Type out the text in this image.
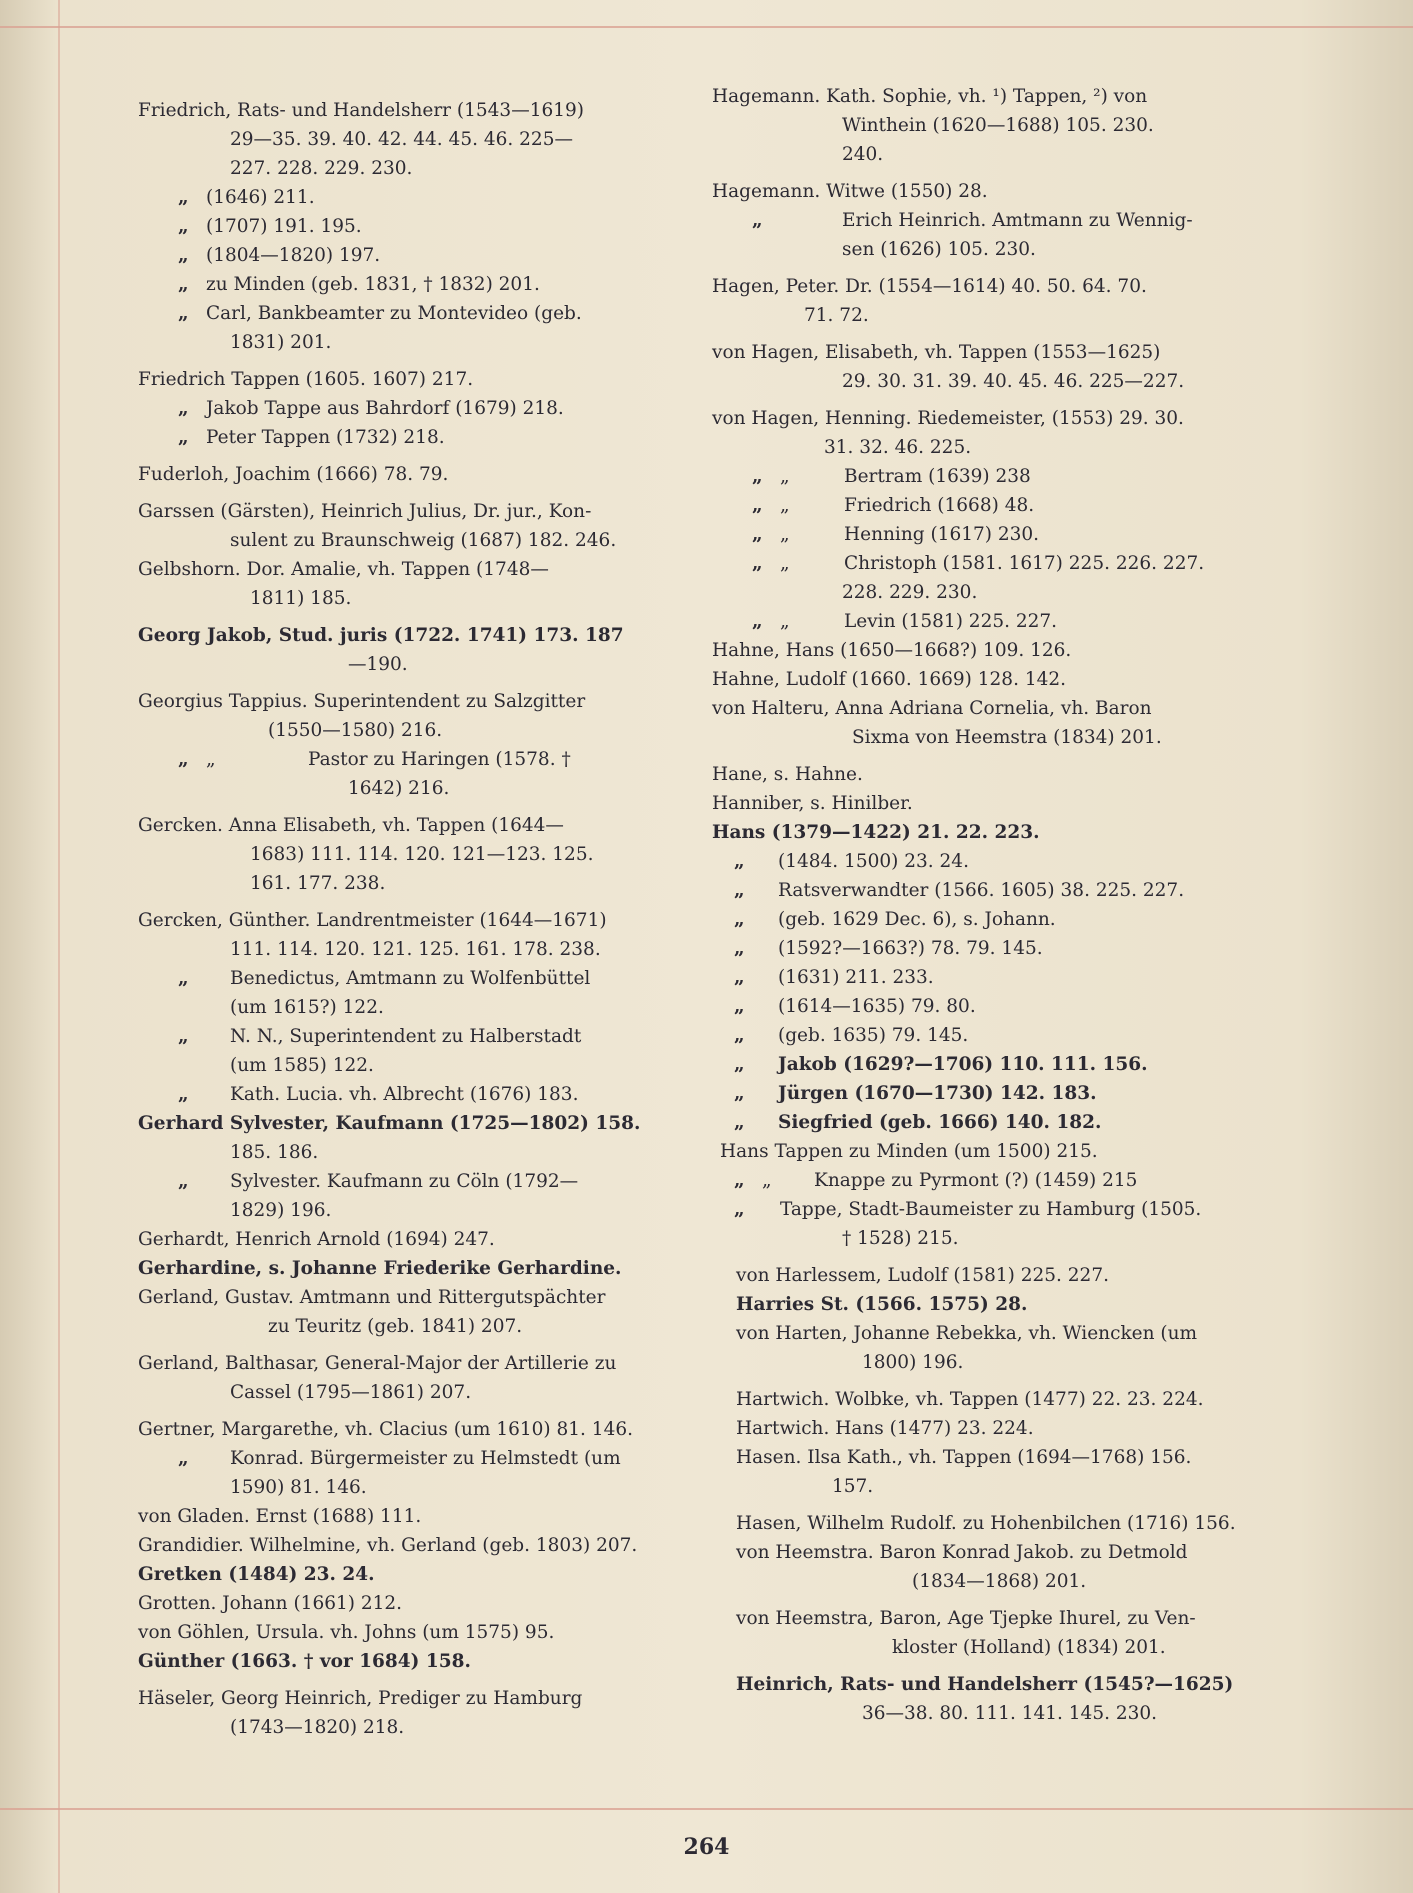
Friedrich, Rats- und Handelsherr (1543—1619)
29—35. 39. 40. 42. 44. 45. 46. 225—
227. 228. 229. 230.
„ (1646) 211.
„ (1707) 191. 195.
„ (1804—1820) 197.
„ zu Minden (geb. 1831, † 1832) 201.
„ Carl, Bankbeamter zu Montevideo (geb.
1831) 201.
Friedrich Tappen (1605. 1607) 217.
„ Jakob Tappe aus Bahrdorf (1679) 218.
„ Peter Tappen (1732) 218.
Fuderloh, Joachim (1666) 78. 79.
Garssen (Gärsten), Heinrich Julius, Dr. jur., Kon-
sulent zu Braunschweig (1687) 182. 246.
Gelbshorn. Dor. Amalie, vh. Tappen (1748—
1811) 185.
Georg Jakob, Stud. juris (1722. 1741) 173. 187
—190.
Georgius Tappius. Superintendent zu Salzgitter
(1550—1580) 216.
„ „	Pastor zu Haringen (1578. †
1642) 216.
Gercken. Anna Elisabeth, vh. Tappen (1644—
1683) 111. 114. 120. 121—123. 125.
161. 177. 238.
Gercken, Günther. Landrentmeister (1644—1671)
111. 114. 120. 121. 125. 161. 178. 238.
„ Benedictus, Amtmann zu Wolfenbüttel
(um 1615?) 122.
„ N. N., Superintendent zu Halberstadt
(um 1585) 122.
„ Kath. Lucia. vh. Albrecht (1676) 183.
Gerhard Sylvester, Kaufmann (1725—1802) 158.
185. 186.
„ Sylvester. Kaufmann zu Cöln (1792—
1829) 196.
Gerhardt, Henrich Arnold (1694) 247.
Gerhardine, s. Johanne Friederike Gerhardine.
Gerland, Gustav. Amtmann und Rittergutspächter
zu Teuritz (geb. 1841) 207.
Gerland, Balthasar, General-Major der Artillerie zu
Cassel (1795—1861) 207.
Gertner, Margarethe, vh. Clacius (um 1610) 81. 146.
„ Konrad. Bürgermeister zu Helmstedt (um
1590) 81. 146.
von Gladen. Ernst (1688) 111.
Grandidier. Wilhelmine, vh. Gerland (geb. 1803) 207.
Gretken (1484) 23. 24.
Grotten. Johann (1661) 212.
von Göhlen, Ursula. vh. Johns (um 1575) 95.
Günther (1663. † vor 1684) 158.
Häseler, Georg Heinrich, Prediger zu Hamburg
(1743—1820) 218.
Hagemann. Kath. Sophie, vh. ¹) Tappen, ²) von
Winthein (1620—1688) 105. 230.
240.
Hagemann. Witwe (1550) 28.
„	Erich Heinrich. Amtmann zu Wennig-
sen (1626) 105. 230.
Hagen, Peter. Dr. (1554—1614) 40. 50. 64. 70.
71. 72.
von Hagen, Elisabeth, vh. Tappen (1553—1625)
29. 30. 31. 39. 40. 45. 46. 225—227.
von Hagen, Henning. Riedemeister, (1553) 29. 30.
31. 32. 46. 225.
„ „	Bertram (1639) 238
„ „	Friedrich (1668) 48.
„ „	Henning (1617) 230.
„ „	Christoph (1581. 1617) 225. 226. 227.
228. 229. 230.
„ „	Levin (1581) 225. 227.
Hahne, Hans (1650—1668?) 109. 126.
Hahne, Ludolf (1660. 1669) 128. 142.
von Halteru, Anna Adriana Cornelia, vh. Baron
Sixma von Heemstra (1834) 201.
Hane, s. Hahne.
Hanniber, s. Hinilber.
Hans (1379—1422) 21. 22. 223.
„ (1484. 1500) 23. 24.
„ Ratsverwandter (1566. 1605) 38. 225. 227.
„ (geb. 1629 Dec. 6), s. Johann.
„ (1592?—1663?) 78. 79. 145.
„ (1631) 211. 233.
„ (1614—1635) 79. 80.
„ (geb. 1635) 79. 145.
„ Jakob (1629?—1706) 110. 111. 156.
„ Jürgen (1670—1730) 142. 183.
„ Siegfried (geb. 1666) 140. 182.
Hans Tappen zu Minden (um 1500) 215.
„ „ Knappe zu Pyrmont (?) (1459) 215
„ Tappe, Stadt-Baumeister zu Hamburg (1505.
† 1528) 215.
von Harlessem, Ludolf (1581) 225. 227.
Harries St. (1566. 1575) 28.
von Harten, Johanne Rebekka, vh. Wiencken (um
1800) 196.
Hartwich. Wolbke, vh. Tappen (1477) 22. 23. 224.
Hartwich. Hans (1477) 23. 224.
Hasen. Ilsa Kath., vh. Tappen (1694—1768) 156.
157.
Hasen, Wilhelm Rudolf. zu Hohenbilchen (1716) 156.
von Heemstra. Baron Konrad Jakob. zu Detmold
(1834—1868) 201.
von Heemstra, Baron, Age Tjepke Ihurel, zu Ven-
kloster (Holland) (1834) 201.
Heinrich, Rats- und Handelsherr (1545?—1625)
36—38. 80. 111. 141. 145. 230.
264
